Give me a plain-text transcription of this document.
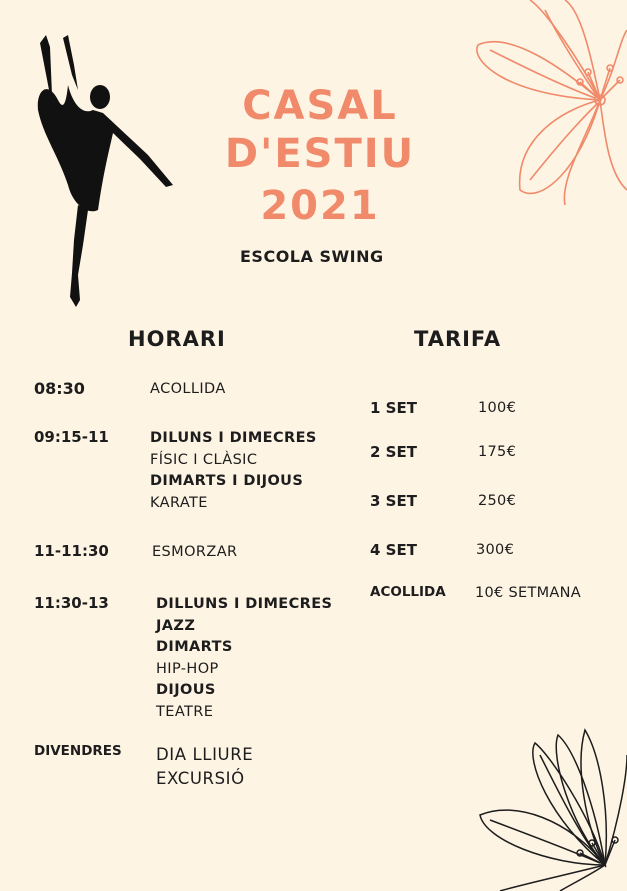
CASAL
D'ESTIU 2021
ESCOLA SWING
HORARI	TARIFA
08:30	ACOLLIDA
09:15-11	DILUNS I DIMECRES
FÍSIC I CLÀSIC
DIMARTS I DIJOUS
KARATE
11-11:30	ESMORZAR
11:30-13	DILLUNS I DIMECRES
JAZZ
DIMARTS
HIP-HOP
DIJOUS
TEATRE
DIVENDRES DIA LLIURE
EXCURSIÓ
1 SET	100€
2 SET	175€
3 SET	250€
4 SET	300€
ACOLLIDA 10€ SETMANA
